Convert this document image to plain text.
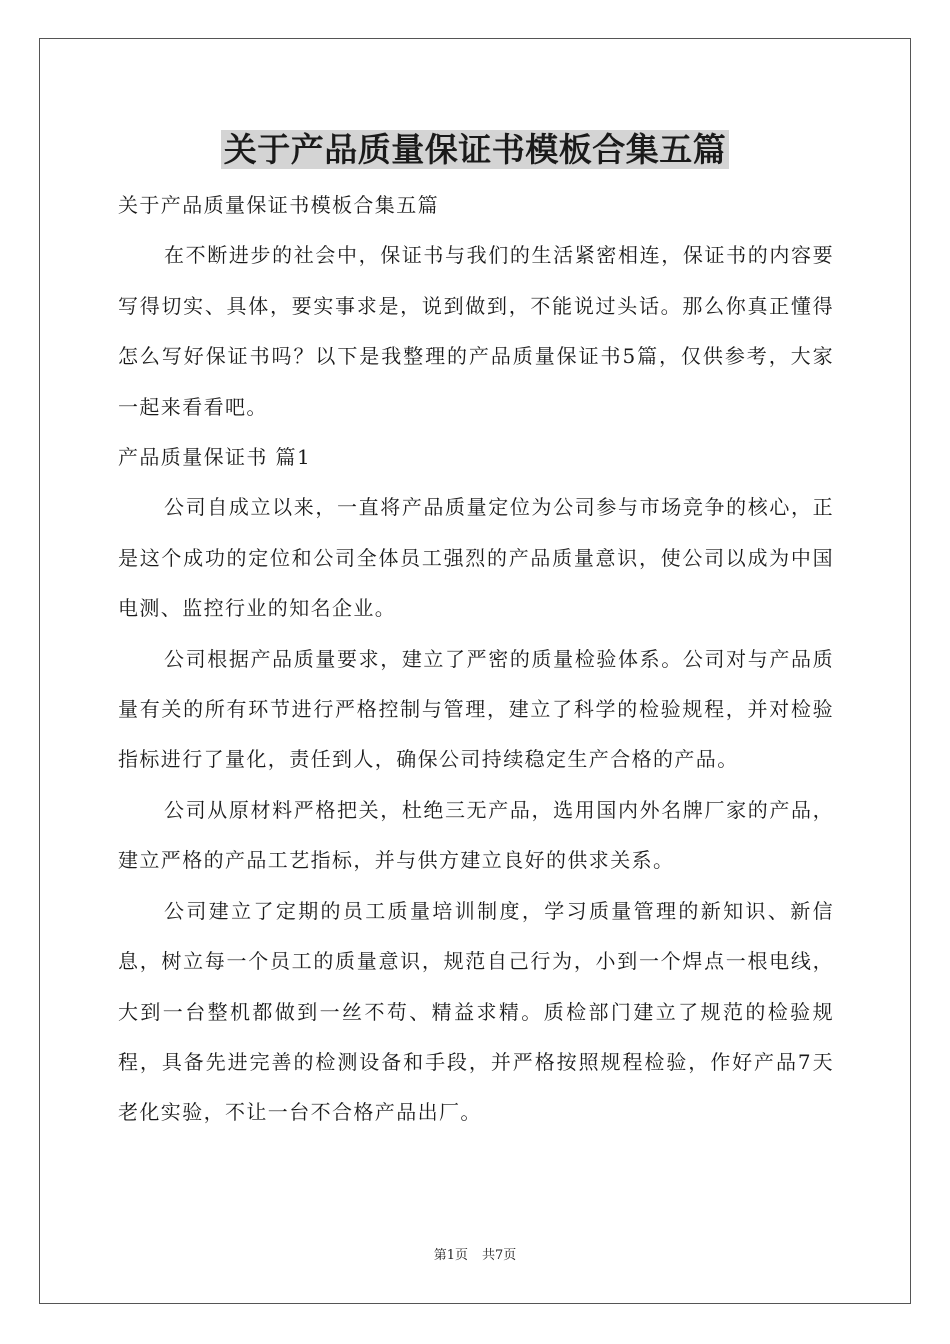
关于产品质量保证书模板合集五篇

关于产品质量保证书模板合集五篇

在不断进步的社会中，保证书与我们的生活紧密相连，保证书的内容要写得切实、具体，要实事求是，说到做到，不能说过头话。那么你真正懂得怎么写好保证书吗？以下是我整理的产品质量保证书5篇，仅供参考，大家一起来看看吧。

产品质量保证书 篇1

公司自成立以来，一直将产品质量定位为公司参与市场竞争的核心，正是这个成功的定位和公司全体员工强烈的产品质量意识，使公司以成为中国电测、监控行业的知名企业。

公司根据产品质量要求，建立了严密的质量检验体系。公司对与产品质量有关的所有环节进行严格控制与管理，建立了科学的检验规程，并对检验指标进行了量化，责任到人，确保公司持续稳定生产合格的产品。

公司从原材料严格把关，杜绝三无产品，选用国内外名牌厂家的产品，建立严格的产品工艺指标，并与供方建立良好的供求关系。

公司建立了定期的员工质量培训制度，学习质量管理的新知识、新信息，树立每一个员工的质量意识，规范自己行为，小到一个焊点一根电线，大到一台整机都做到一丝不苟、精益求精。质检部门建立了规范的检验规程，具备先进完善的检测设备和手段，并严格按照规程检验，作好产品7天老化实验，不让一台不合格产品出厂。

第1页 共7页
